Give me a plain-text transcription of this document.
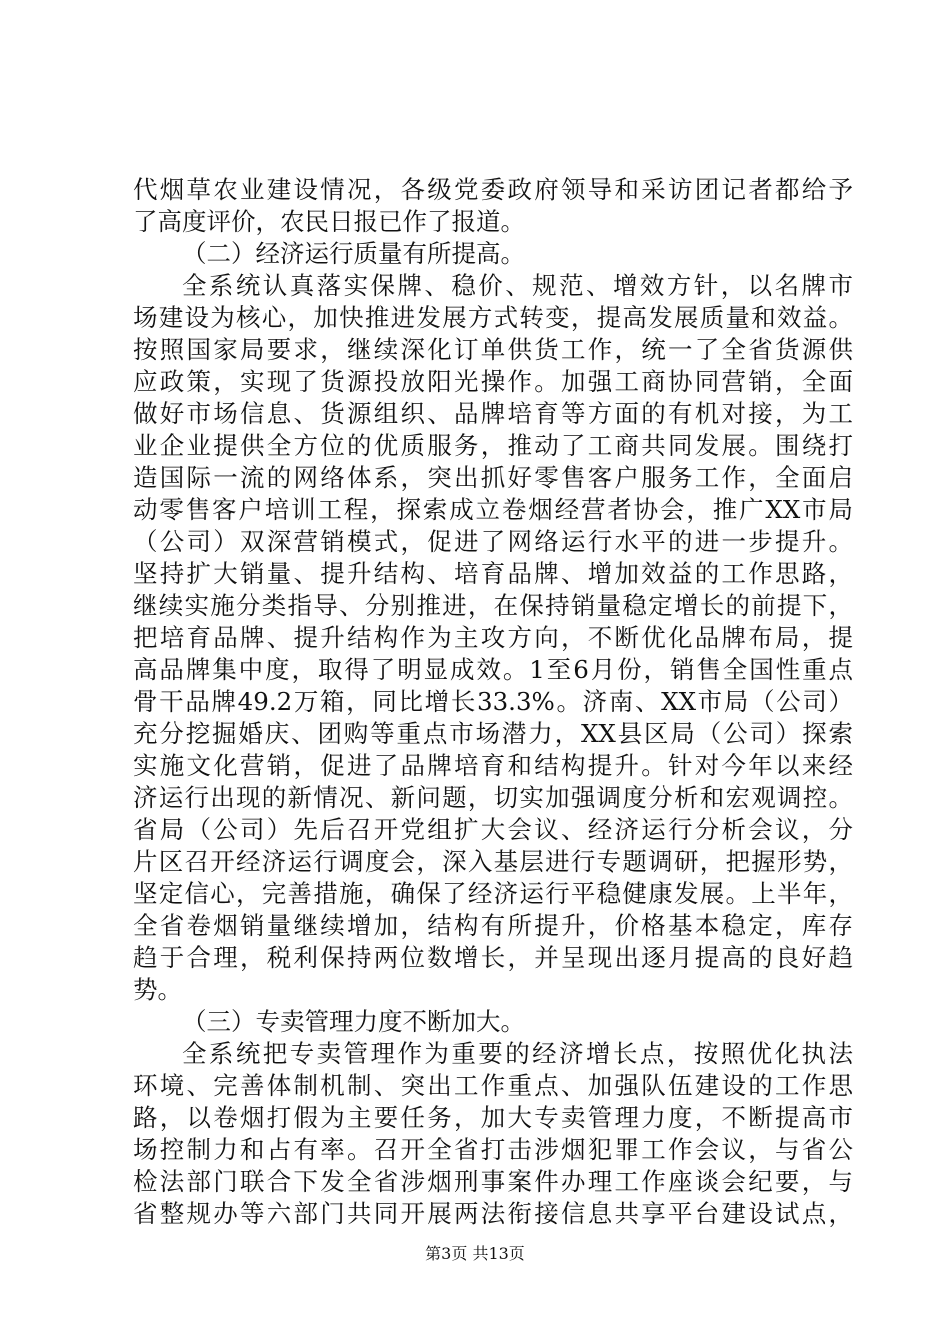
代烟草农业建设情况，各级党委政府领导和采访团记者都给予
了高度评价，农民日报已作了报道。
（二）经济运行质量有所提高。
全系统认真落实保牌、稳价、规范、增效方针，以名牌市
场建设为核心，加快推进发展方式转变，提高发展质量和效益。
按照国家局要求，继续深化订单供货工作，统一了全省货源供
应政策，实现了货源投放阳光操作。加强工商协同营销，全面
做好市场信息、货源组织、品牌培育等方面的有机对接，为工
业企业提供全方位的优质服务，推动了工商共同发展。围绕打
造国际一流的网络体系，突出抓好零售客户服务工作，全面启
动零售客户培训工程，探索成立卷烟经营者协会，推广XX市局
（公司）双深营销模式，促进了网络运行水平的进一步提升。
坚持扩大销量、提升结构、培育品牌、增加效益的工作思路，
继续实施分类指导、分别推进，在保持销量稳定增长的前提下，
把培育品牌、提升结构作为主攻方向，不断优化品牌布局，提
高品牌集中度，取得了明显成效。1至6月份，销售全国性重点
骨干品牌49.2万箱，同比增长33.3%。济南、XX市局（公司）
充分挖掘婚庆、团购等重点市场潜力，XX县区局（公司）探索
实施文化营销，促进了品牌培育和结构提升。针对今年以来经
济运行出现的新情况、新问题，切实加强调度分析和宏观调控。
省局（公司）先后召开党组扩大会议、经济运行分析会议，分
片区召开经济运行调度会，深入基层进行专题调研，把握形势，
坚定信心，完善措施，确保了经济运行平稳健康发展。上半年，
全省卷烟销量继续增加，结构有所提升，价格基本稳定，库存
趋于合理，税利保持两位数增长，并呈现出逐月提高的良好趋
势。
（三）专卖管理力度不断加大。
全系统把专卖管理作为重要的经济增长点，按照优化执法
环境、完善体制机制、突出工作重点、加强队伍建设的工作思
路，以卷烟打假为主要任务，加大专卖管理力度，不断提高市
场控制力和占有率。召开全省打击涉烟犯罪工作会议，与省公
检法部门联合下发全省涉烟刑事案件办理工作座谈会纪要，与
省整规办等六部门共同开展两法衔接信息共享平台建设试点，
第3页 共13页
